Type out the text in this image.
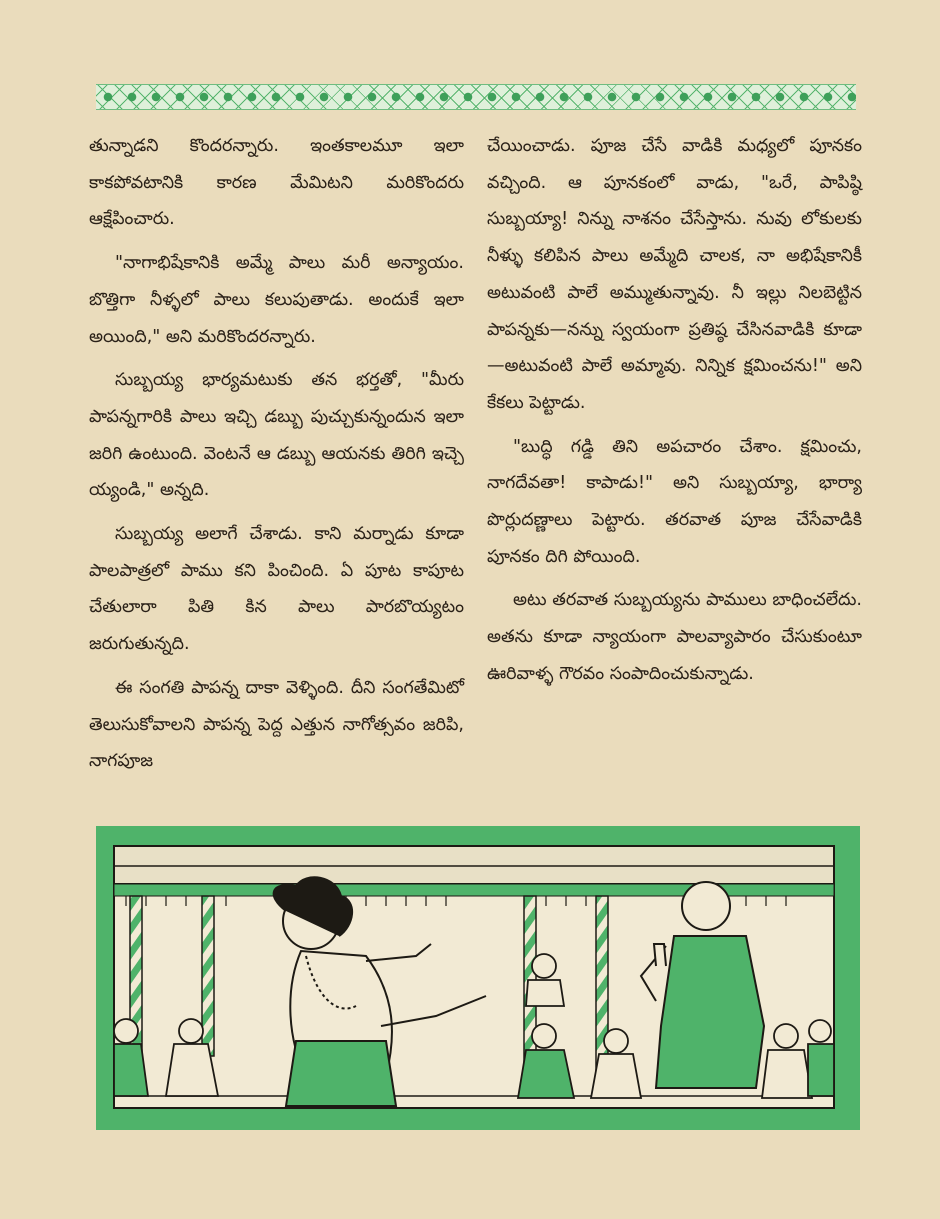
తున్నాడని కొందరన్నారు. ఇంతకాలమూ ఇలా కాకపోవటానికి కారణ మేమిటని మరికొందరు ఆక్షేపించారు.

"నాగాభిషేకానికి అమ్మే పాలు మరీ అన్యాయం. బొత్తిగా నీళ్ళలో పాలు కలుపుతాడు. అందుకే ఇలా అయింది," అని మరికొందరన్నారు.

సుబ్బయ్య భార్యమటుకు తన భర్తతో, "మీరు పాపన్నగారికి పాలు ఇచ్చి డబ్బు పుచ్చుకున్నందున ఇలా జరిగి ఉంటుంది. వెంటనే ఆ డబ్బు ఆయనకు తిరిగి ఇచ్చె య్యండి," అన్నది.

సుబ్బయ్య అలాగే చేశాడు. కాని మర్నాడు కూడా పాలపాత్రలో పాము కని పించింది. ఏ పూట కాపూట చేతులారా పితి కిన పాలు పారబొయ్యటం జరుగుతున్నది.

ఈ సంగతి పాపన్న దాకా వెళ్ళింది. దీని సంగతేమిటో తెలుసుకోవాలని పాపన్న పెద్ద ఎత్తున నాగోత్సవం జరిపి, నాగపూజ

చేయించాడు. పూజ చేసే వాడికి మధ్యలో పూనకం వచ్చింది. ఆ పూనకంలో వాడు, "ఒరే, పాపిష్ఠి సుబ్బయ్యా! నిన్ను నాశనం చేసేస్తాను. నువు లోకులకు నీళ్ళు కలిపిన పాలు అమ్మేది చాలక, నా అభిషేకానికీ అటువంటి పాలే అమ్ముతున్నావు. నీ ఇల్లు నిలబెట్టిన పాపన్నకు—నన్ను స్వయంగా ప్రతిష్ఠ చేసినవాడికి కూడా—అటువంటి పాలే అమ్మావు. నిన్నిక క్షమించను!" అని కేకలు పెట్టాడు.

"బుద్ధి గడ్డి తిని అపచారం చేశాం. క్షమించు, నాగదేవతా! కాపాడు!" అని సుబ్బయ్యా, భార్యా పొర్లుదణ్ణాలు పెట్టారు. తరవాత పూజ చేసేవాడికి పూనకం దిగి పోయింది.

అటు తరవాత సుబ్బయ్యను పాములు బాధించలేదు. అతను కూడా న్యాయంగా పాలవ్యాపారం చేసుకుంటూ ఊరివాళ్ళ గౌరవం సంపాదించుకున్నాడు.
